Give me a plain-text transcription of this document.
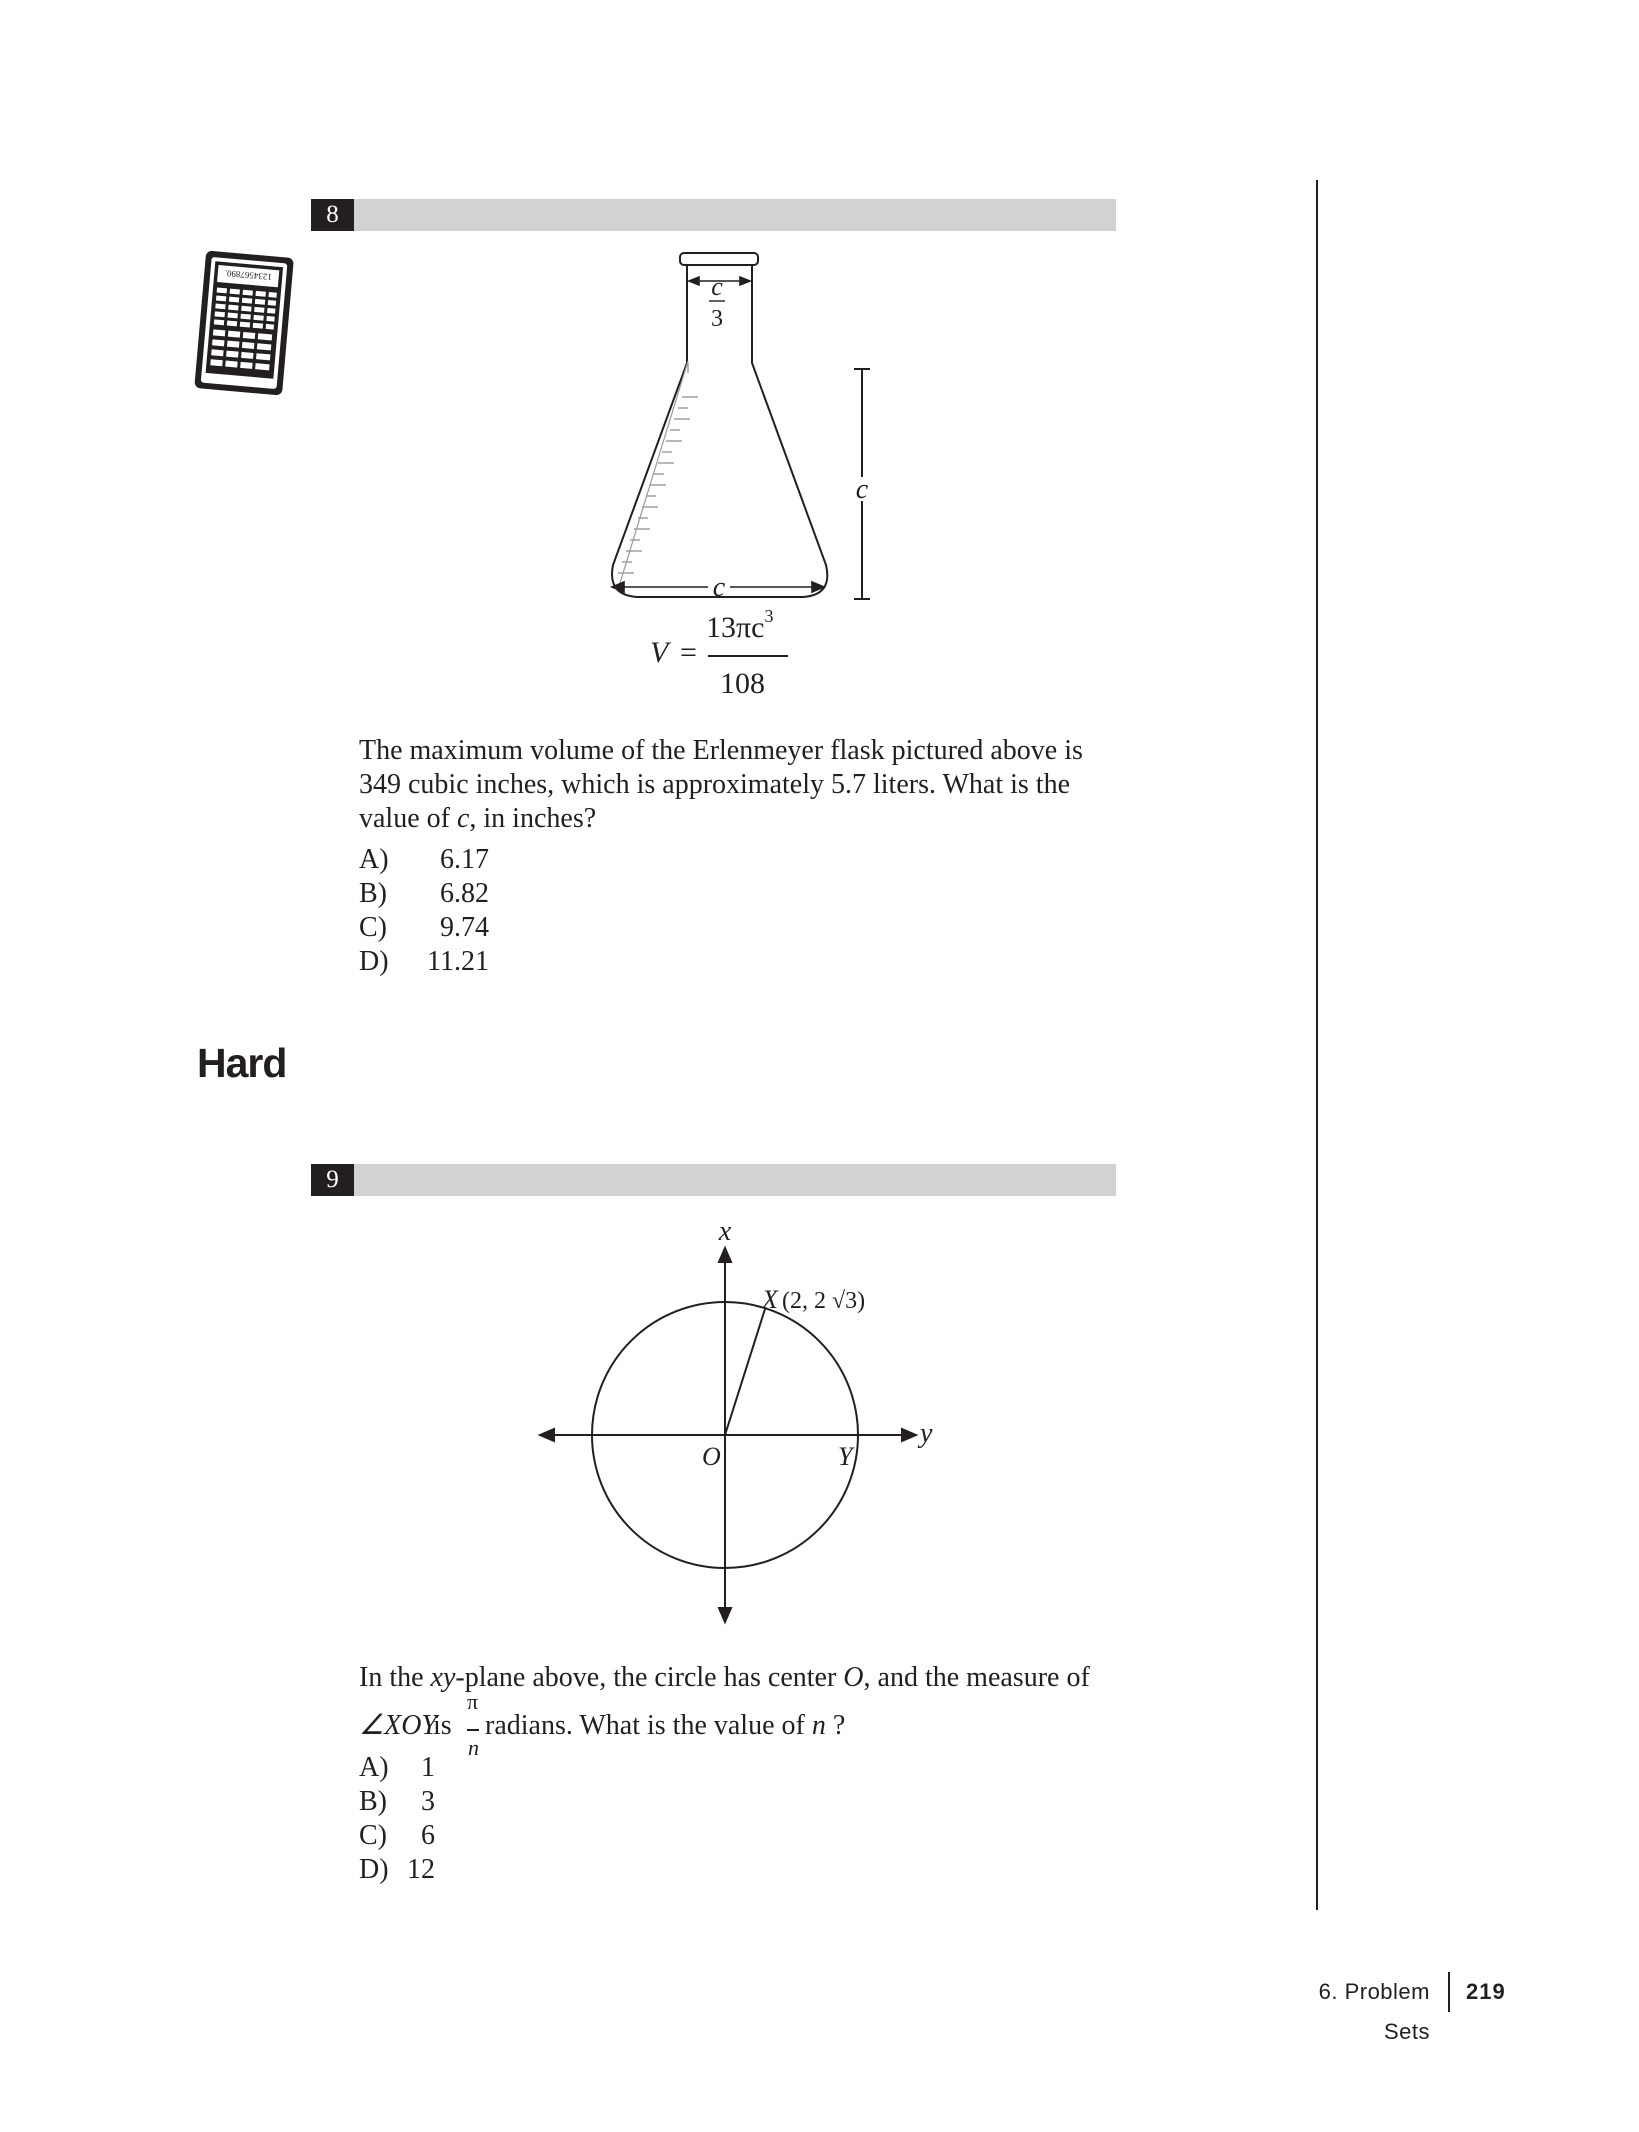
8
1234567890.	c
3
c
c
V =
$13\pi c^3$
108
The maximum volume of the Erlenmeyer flask pictured above is
349 cubic inches, which is approximately 5.7 liters. What is the
value of c, in inches?
A)	6.17
B)	6.82
C)	9.74
D)	11.21
Hard
9
x
y
X (2, 2 √3)
O	Y
In the xy-plane above, the circle has center O, and the measure of
∠XOY
is
π
n
radians. What is the value of n ?
A)	1
B)	3
C)	6
D) 12
6. Problem Sets
219
